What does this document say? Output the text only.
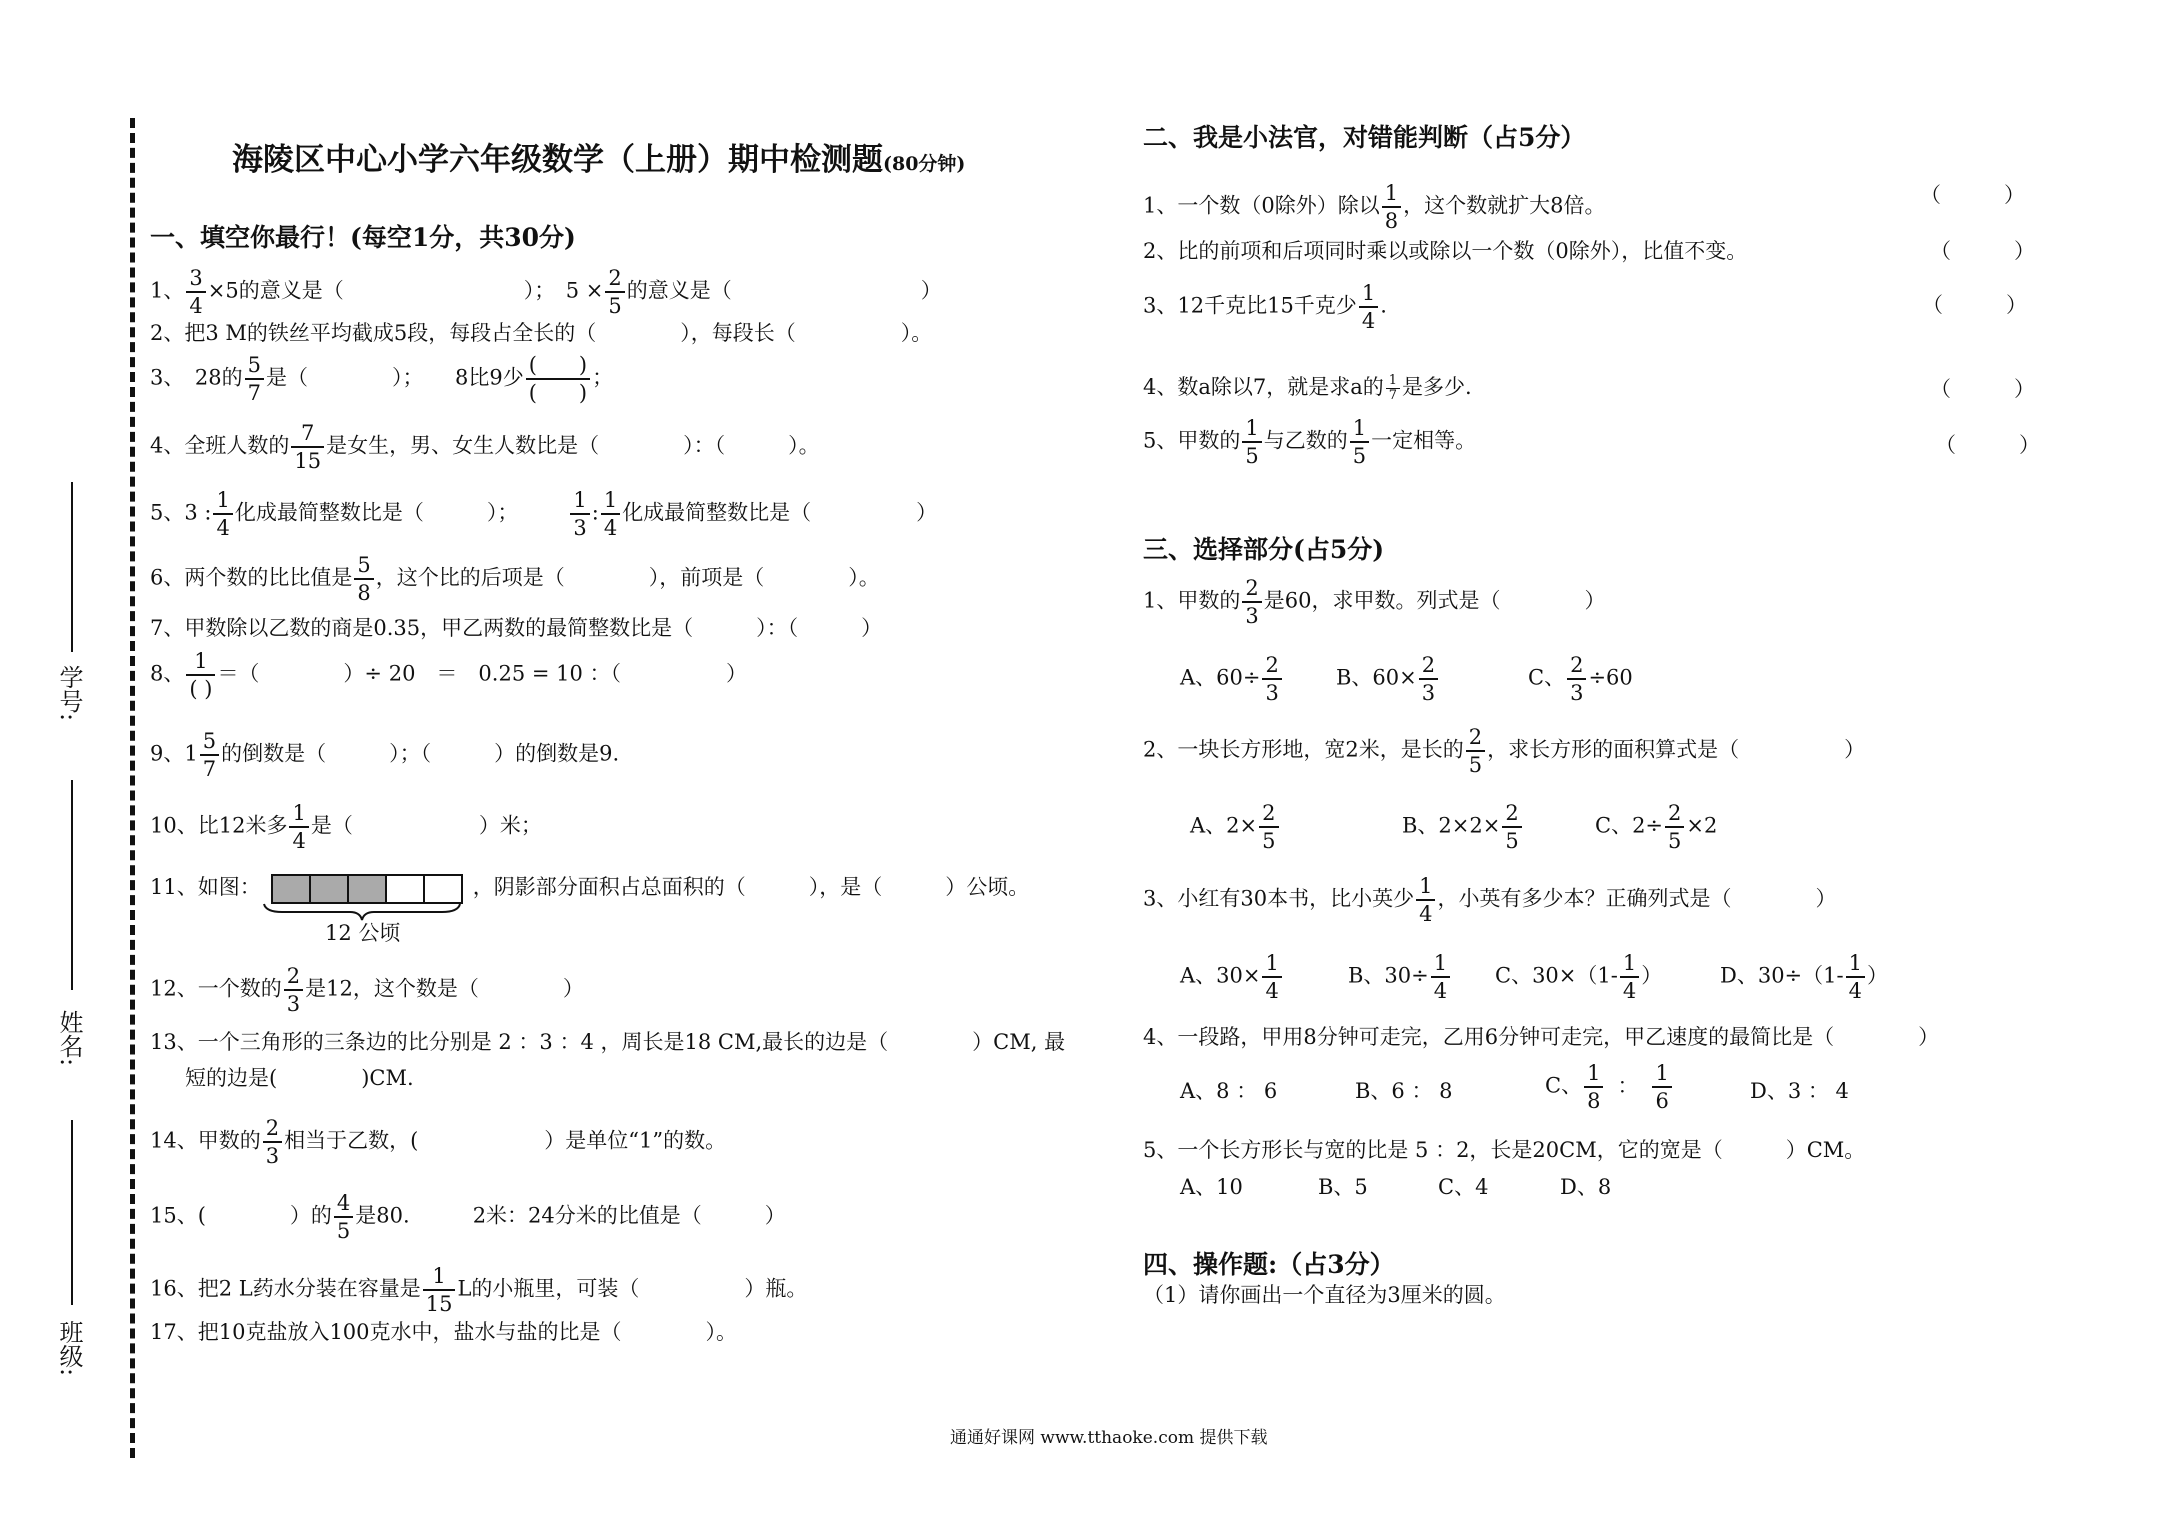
学号:
姓名:
班级:
海陵区中心小学六年级数学（上册）期中检测题(80分钟)
一、填空你最行！(每空1分，共30分)
1、 $\frac{3}{4} \times 5$的意义是（	）；　$5 \times \frac{2}{5}$ 的意义是（　　　　　　　　　）
2、把3 M的铁丝平均截成5段，每段占全长的（　　　　），每段长（　　　　　）。
3、　28的 $\frac{5}{7}$ 是（　　　　）；　　8比9少 $\frac{( )}{( )}$ ；
4、全班人数的 $\frac{7}{15}$ 是女生，男、女生人数比是（　　　　）：（　　　）。
5、3 : $\frac{1}{4}$ 化成最简整数比是（　　　）； $\frac{1}{3}$ : $\frac{1}{4}$ 化成最简整数比是（　　　　　）
6、两个数的比比值是 $\frac{5}{8}$ ，这个比的后项是（　　　　），前项是（　　　　）。
7、甲数除以乙数的商是0.35，甲乙两数的最简整数比是（　　　）：（　　　）
8、 $\frac{1}{( )}$ ＝（　　　　）÷ 20　＝　0.25 = 10 ：（　　　　　）
9、$1 \frac{5}{7}$ 的倒数是（　　　）；（　　　）的倒数是9.
10、比12米多 $\frac{1}{4}$ 是（　　　　　　）米；
11、如图：	，阴影部分面积占总面积的（　　　），是（　　　）公顷。
12 公顷
12、一个数的 $\frac{2}{3}$ 是12，这个数是（　　　　）
13、一个三角形的三条边的比分别是 2 ：3 ：4 ，周长是18 CM,最长的边是（　　　　）CM, 最
短的边是(　　　　)CM.
14、甲数的 $\frac{2}{3}$ 相当于乙数，(　　　　　　）是单位“1”的数。
15、(　　　　）的 $\frac{4}{5}$ 是80.　　　2米：24分米的比值是（　　　）
16、把2 L药水分装在容量是 $\frac{1}{15}$ L的小瓶里，可装（　　　　　）瓶。
17、把10克盐放入100克水中，盐水与盐的比是（　　　　）。
二、我是小法官，对错能判断（占5分）
1、一个数（0除外）除以 $\frac{1}{8}$ ，这个数就扩大8倍。	（　　　）
2、比的前项和后项同时乘以或除以一个数（0除外），比值不变。	（　　　）
3、12千克比15千克少 $\frac{1}{4}$ .	（　　　）
4、数a除以7，就是求a的 $\frac{1}{7}$ 是多少.	（　　　）
5、甲数的 $\frac{1}{5}$ 与乙数的 $\frac{1}{5}$ 一定相等。	（　　　）
三、选择部分(占5分)
1、甲数的 $\frac{2}{3}$ 是60，求甲数。列式是（　　　　）
A、$60\div \frac{2}{3}$	B、$60\times \frac{2}{3}$	C、 $\frac{2}{3} \div 60$
2、一块长方形地，宽2米，是长的 $\frac{2}{5}$ ，求长方形的面积算式是（　　　　　）
A、$2\times \frac{2}{5}$	B、$2\times 2\times \frac{2}{5}$	C、$2\div \frac{2}{5} \times 2$
3、小红有30本书，比小英少 $\frac{1}{4}$ ，小英有多少本？正确列式是（　　　　）
A、$30\times \frac{1}{4}$	B、$30\div \frac{1}{4}$ C、$30\times(1- \frac{1}{4}$ ）	D、$30\div(1- \frac{1}{4}$ ）
4、一段路，甲用8分钟可走完，乙用6分钟可走完，甲乙速度的最简比是（　　　　）
A、8 ： 6	B、6 ： 8	C、 $\frac{1}{8}$ ： $\frac{1}{6}$	D、3 ： 4
5、一个长方形长与宽的比是 5 ：2，长是20CM，它的宽是（　　　）CM。
A、10	B、5	C、4	D、8
四、操作题:（占3分）
（1）请你画出一个直径为3厘米的圆。
通通好课网 www.tthaoke.com 提供下载
